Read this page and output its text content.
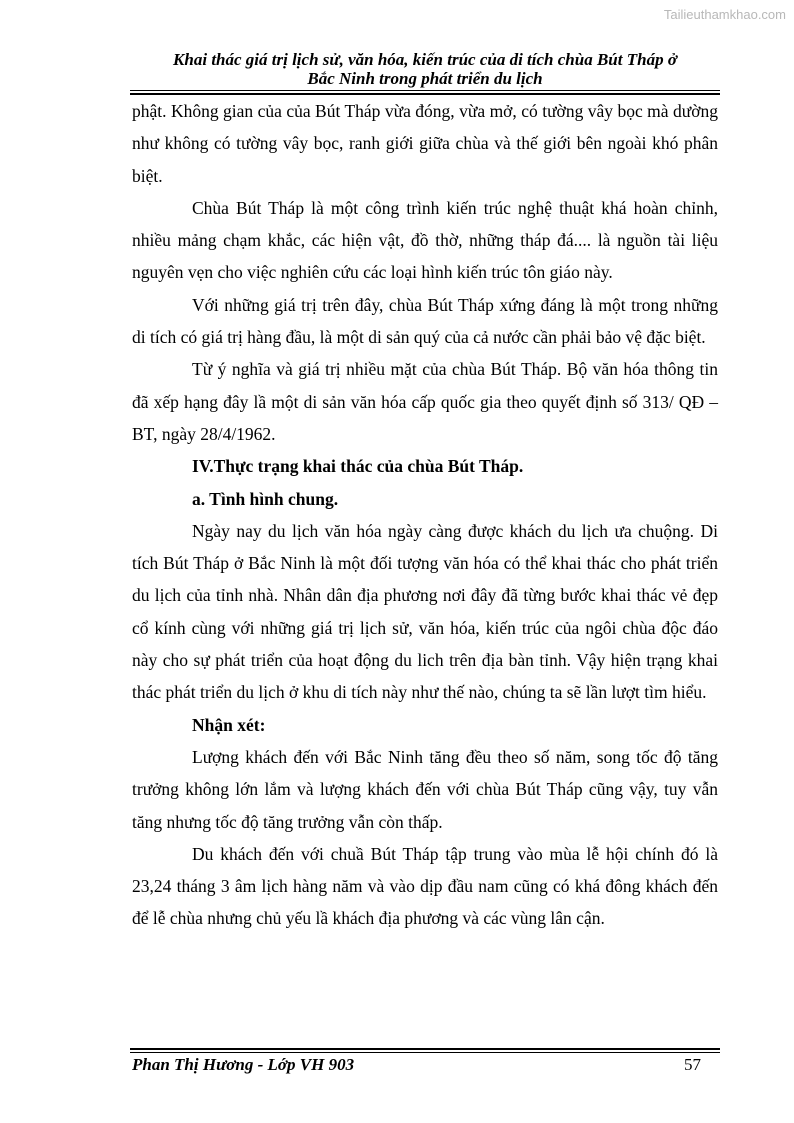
Tailieuthamkhao.com
Khai thác giá trị lịch sử, văn hóa, kiến trúc của di tích chùa Bút Tháp ở
Bắc Ninh trong phát triển du lịch

phật. Không gian của của Bút Tháp vừa đóng, vừa mở, có tường vây bọc mà dường như không có tường vây bọc, ranh giới giữa chùa và thế giới bên ngoài khó phân biệt.

Chùa Bút Tháp là một công trình kiến trúc nghệ thuật khá hoàn chỉnh, nhiều mảng chạm khắc, các hiện vật, đồ thờ, những tháp đá.... là nguồn tài liệu nguyên vẹn cho việc nghiên cứu các loại hình kiến trúc tôn giáo này.

Với những giá trị trên đây, chùa Bút Tháp xứng đáng là một trong những di tích có giá trị hàng đầu, là một di sản quý của cả nước cần phải bảo vệ đặc biệt.

Từ ý nghĩa và giá trị nhiều mặt của chùa Bút Tháp. Bộ văn hóa thông tin đã xếp hạng đây lầ một di sản văn hóa cấp quốc gia theo quyết định số 313/ QĐ – BT, ngày 28/4/1962.

IV.Thực trạng khai thác của chùa Bút Tháp.

a. Tình hình chung.

Ngày nay du lịch văn hóa ngày càng được khách du lịch ưa chuộng. Di tích Bút Tháp ở Bắc Ninh là một đối tượng văn hóa có thể khai thác cho phát triển du lịch của tỉnh nhà. Nhân dân địa phương nơi đây đã từng bước khai thác vẻ đẹp cổ kính cùng với những giá trị lịch sử, văn hóa, kiến trúc của ngôi chùa độc đáo này cho sự phát triển của hoạt động du lich trên địa bàn tỉnh. Vậy hiện trạng khai thác phát triển du lịch ở khu di tích này như thế nào, chúng ta sẽ lần lượt tìm hiểu.

Nhận xét:

Lượng khách đến với Bắc Ninh tăng đều theo số năm, song tốc độ tăng trưởng không lớn lắm và lượng khách đến với chùa Bút Tháp cũng vậy, tuy vẫn tăng nhưng tốc độ tăng trưởng vẫn còn thấp.

Du khách đến với chuầ Bút Tháp tập trung vào mùa lễ hội chính đó là 23,24 tháng 3 âm lịch hàng năm và vào dịp đầu nam cũng có khá đông khách đến để lễ chùa nhưng chủ yếu lầ khách địa phương và các vùng lân cận.

Phan Thị Hương - Lớp VH 903	57
